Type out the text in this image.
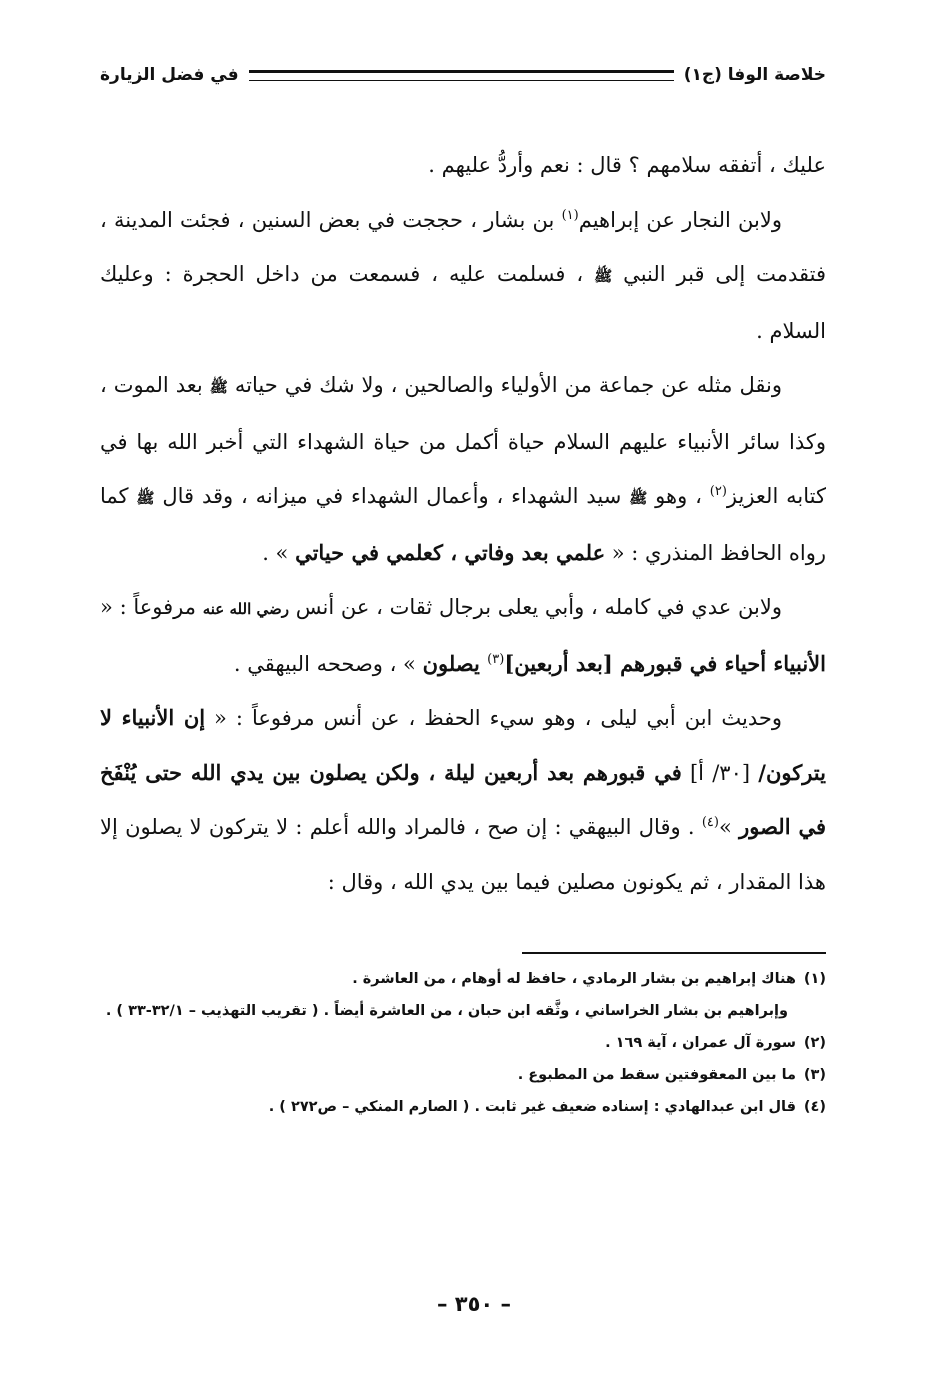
خلاصة الوفا (ج١)
في فضل الزيارة

عليك ، أتفقه سلامهم ؟ قال : نعم وأردُّ عليهم .

ولابن النجار عن إبراهيم$^{(١)}$ بن بشار ، حججت في بعض السنين ، فجئت المدينة ، فتقدمت إلى قبر النبي ﷺ ، فسلمت عليه ، فسمعت من داخل الحجرة : وعليك السلام .

ونقل مثله عن جماعة من الأولياء والصالحين ، ولا شك في حياته ﷺ بعد الموت ، وكذا سائر الأنبياء عليهم السلام حياة أكمل من حياة الشهداء التي أخبر الله بها في كتابه العزيز$^{(٢)}$ ، وهو ﷺ سيد الشهداء ، وأعمال الشهداء في ميزانه ، وقد قال ﷺ كما رواه الحافظ المنذري : « علمي بعد وفاتي ، كعلمي في حياتي » .

ولابن عدي في كامله ، وأبي يعلى برجال ثقات ، عن أنس رضي الله عنه مرفوعاً : « الأنبياء أحياء في قبورهم [بعد أربعين]$^{(٣)}$ يصلون » ، وصححه البيهقي .

وحديث ابن أبي ليلى ، وهو سيء الحفظ ، عن أنس مرفوعاً : « إن الأنبياء لا يتركون/ [٣٠/ أ] في قبورهم بعد أربعين ليلة ، ولكن يصلون بين يدي الله حتى يُنْفَخ في الصور »$^{(٤)}$ . وقال البيهقي : إن صح ، فالمراد والله أعلم : لا يتركون لا يصلون إلا هذا المقدار ، ثم يكونون مصلين فيما بين يدي الله ، وقال :

(١)هناك إبراهيم بن بشار الرمادي ، حافظ له أوهام ، من العاشرة .

وإبراهيم بن بشار الخراساني ، وثَّقه ابن حبان ، من العاشرة أيضاً . ( تقريب التهذيب – ٣٢/١-٣٣ ) .

(٢)سورة آل عمران ، آية ١٦٩ .

(٣)ما بين المعقوفتين سقط من المطبوع .

(٤)قال ابن عبدالهادي : إسناده ضعيف غير ثابت . ( الصارم المنكي – ص٢٧٢ ) .

– ٣٥٠ –
